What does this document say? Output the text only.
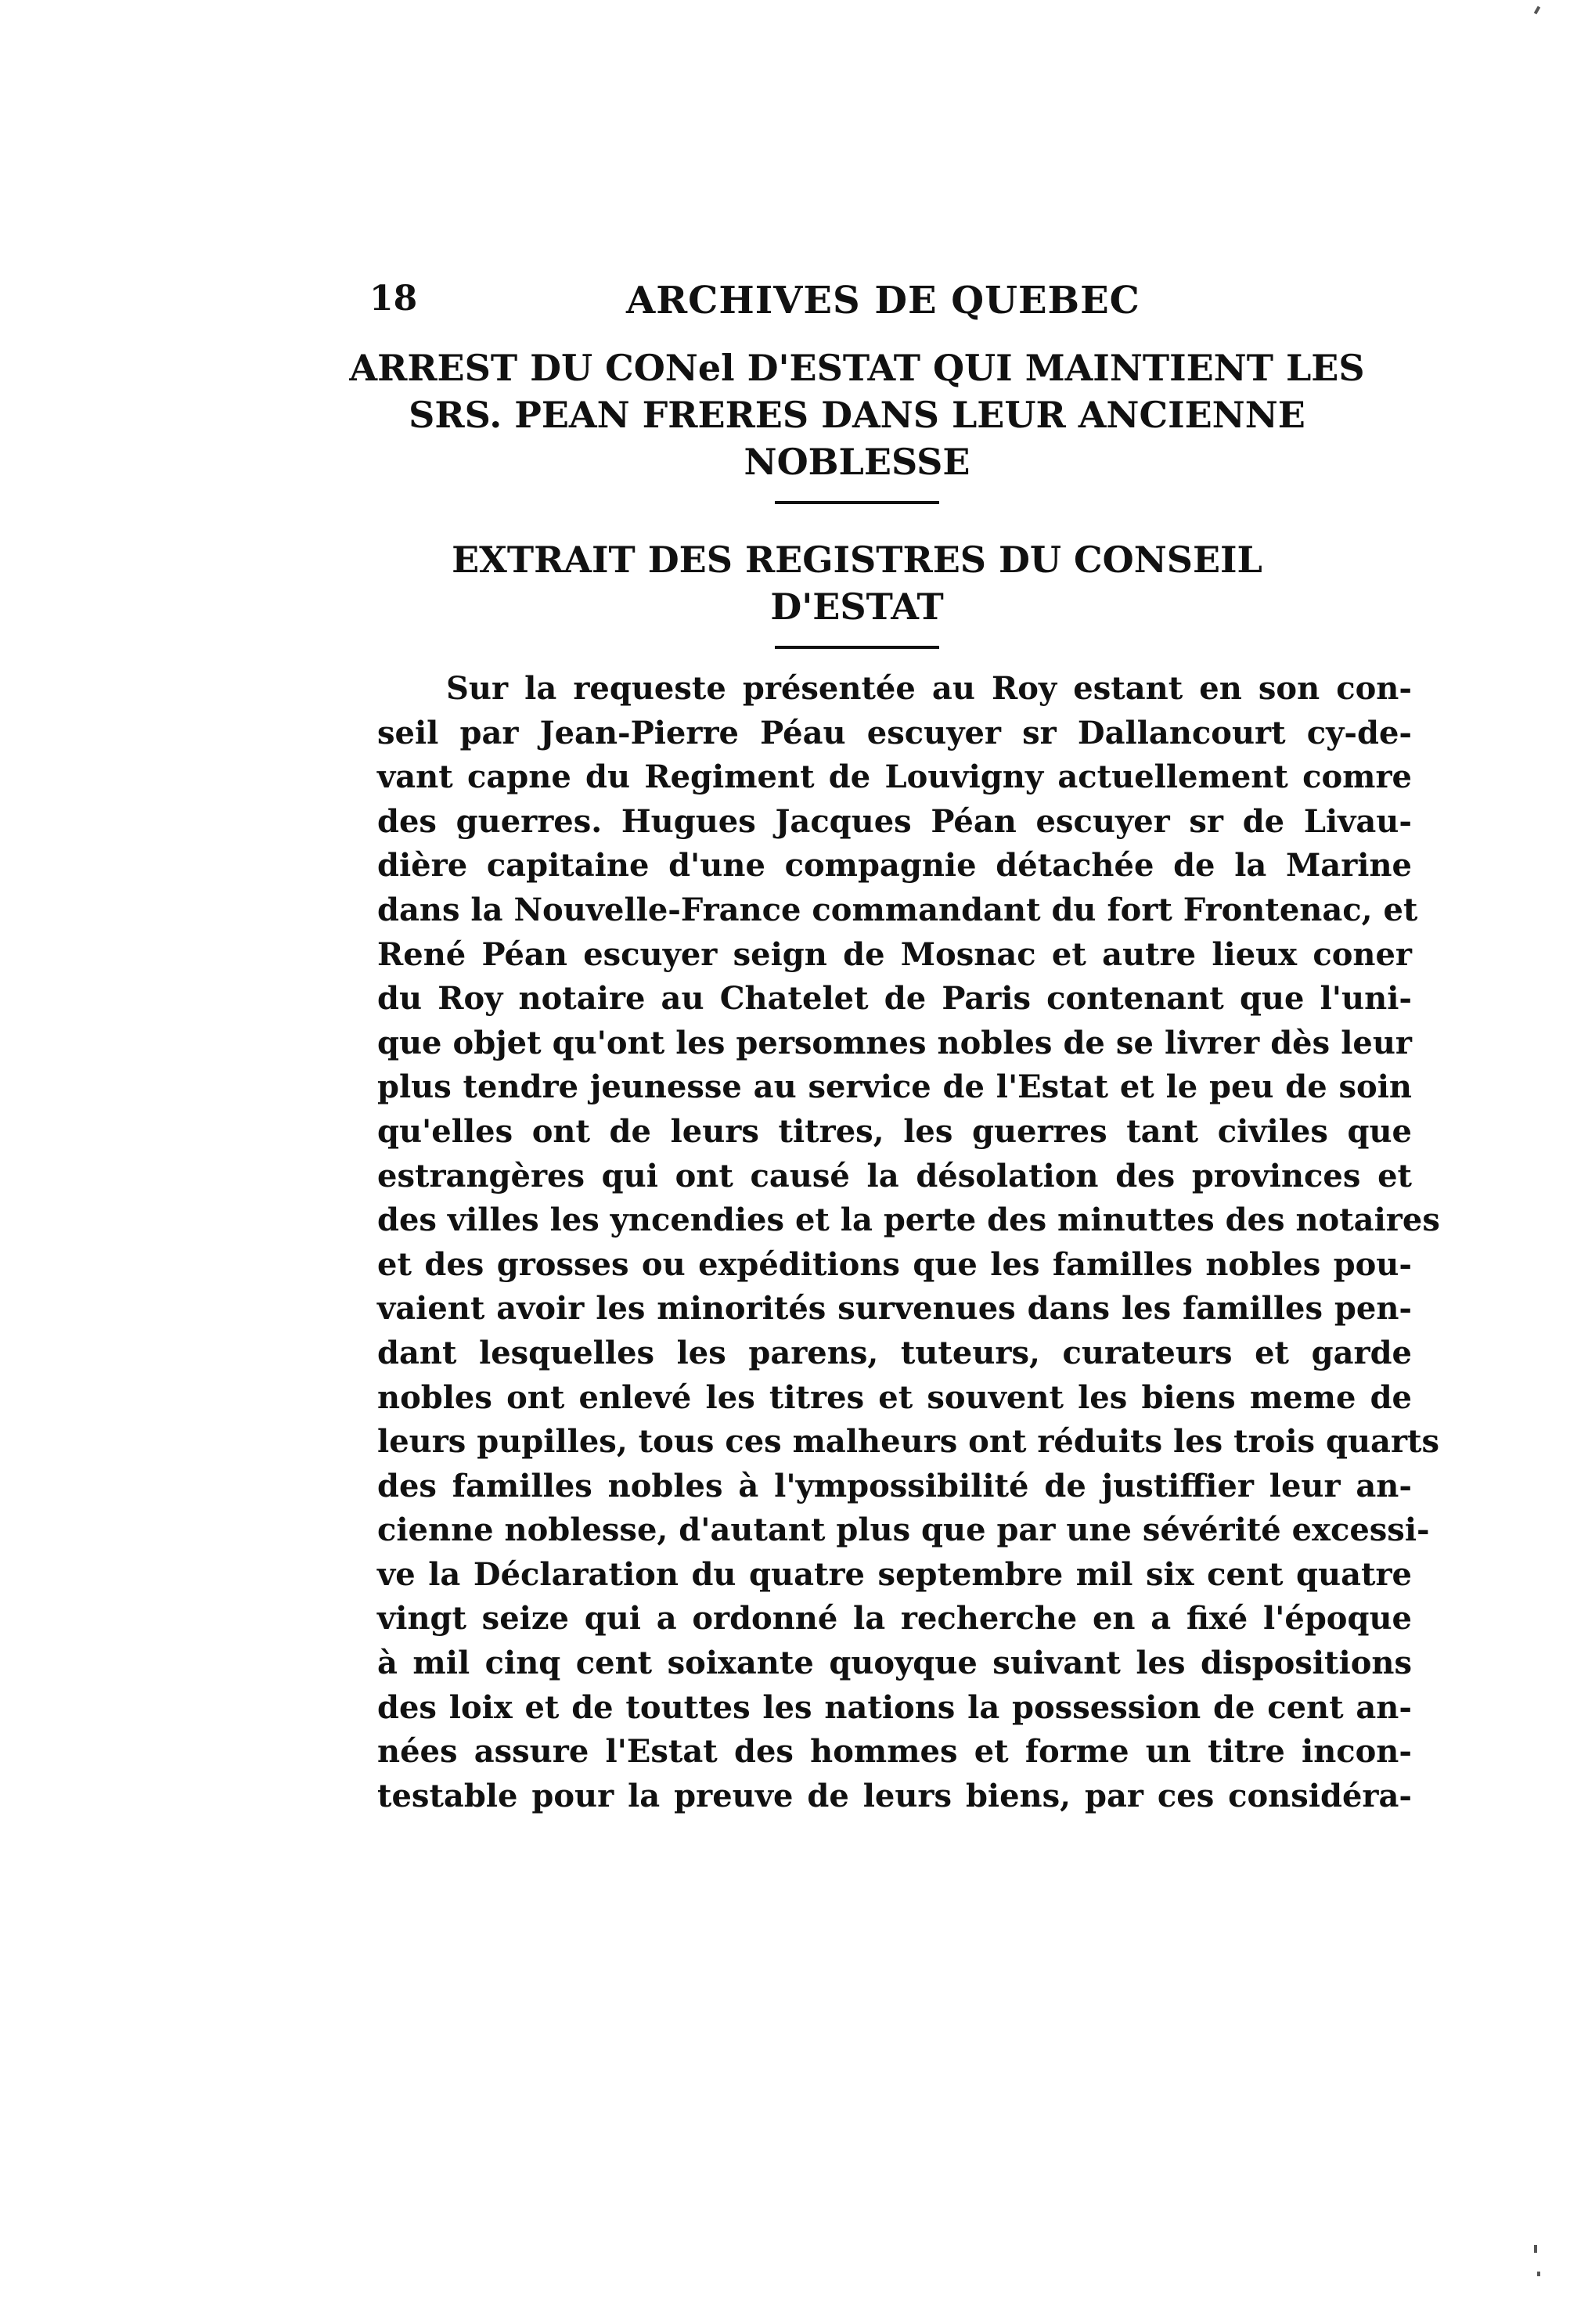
18	ARCHIVES DE QUEBEC
ARREST DU CONel D'ESTAT QUI MAINTIENT LES
SRS. PEAN FRERES DANS LEUR ANCIENNE
NOBLESSE
EXTRAIT DES REGISTRES DU CONSEIL
D'ESTAT
Sur la requeste présentée au Roy estant en son con-
seil par Jean-Pierre Péau escuyer sr Dallancourt cy-de-
vant capne du Regiment de Louvigny actuellement comre
des guerres. Hugues Jacques Péan escuyer sr de Livau-
dière capitaine d'une compagnie détachée de la Marine
dans la Nouvelle-France commandant du fort Frontenac, et
René Péan escuyer seign de Mosnac et autre lieux coner
du Roy notaire au Chatelet de Paris contenant que l'uni-
que objet qu'ont les persomnes nobles de se livrer dès leur
plus tendre jeunesse au service de l'Estat et le peu de soin
qu'elles ont de leurs titres, les guerres tant civiles que
estrangères qui ont causé la désolation des provinces et
des villes les yncendies et la perte des minuttes des notaires
et des grosses ou expéditions que les familles nobles pou-
vaient avoir les minorités survenues dans les familles pen-
dant lesquelles les parens, tuteurs, curateurs et garde
nobles ont enlevé les titres et souvent les biens meme de
leurs pupilles, tous ces malheurs ont réduits les trois quarts
des familles nobles à l'ympossibilité de justiffier leur an-
cienne noblesse, d'autant plus que par une sévérité excessi-
ve la Déclaration du quatre septembre mil six cent quatre
vingt seize qui a ordonné la recherche en a fixé l'époque
à mil cinq cent soixante quoyque suivant les dispositions
des loix et de touttes les nations la possession de cent an-
nées assure l'Estat des hommes et forme un titre incon-
testable pour la preuve de leurs biens, par ces considéra-
